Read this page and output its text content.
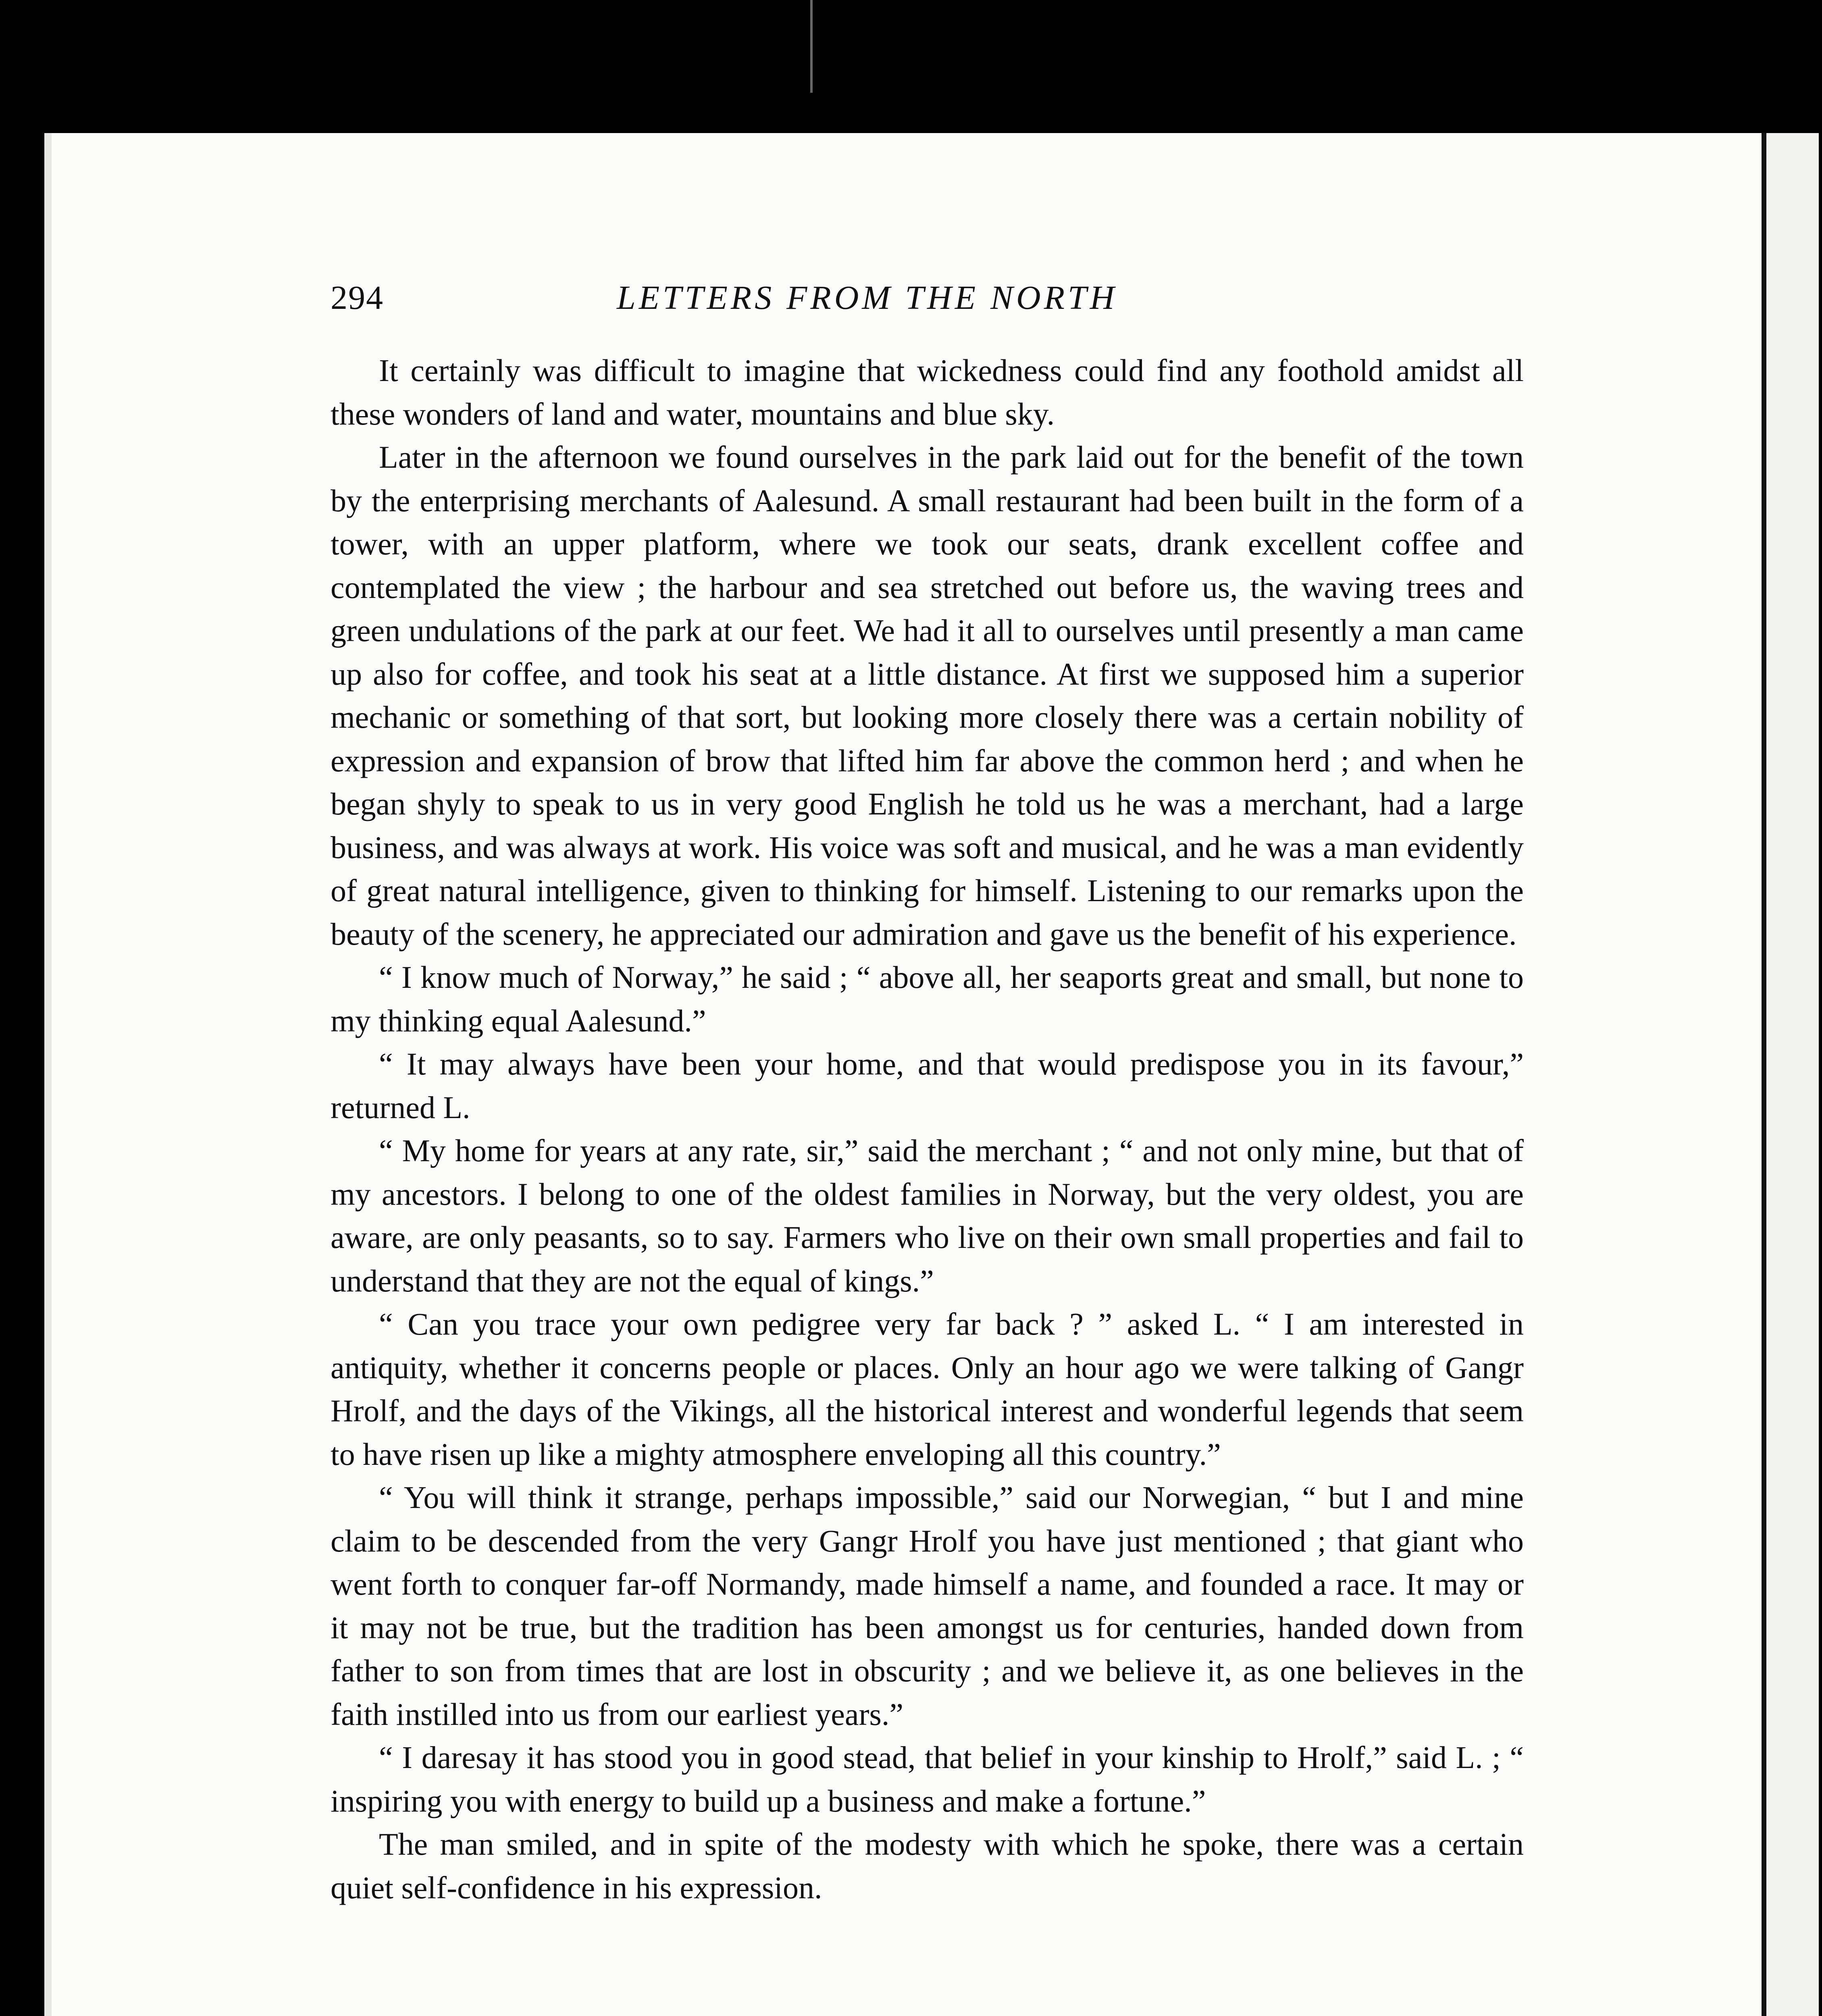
294	LETTERS FROM THE NORTH

It certainly was difficult to imagine that wickedness could find any foothold amidst all these wonders of land and water, mountains and blue sky.

Later in the afternoon we found ourselves in the park laid out for the benefit of the town by the enterprising merchants of Aalesund. A small restaurant had been built in the form of a tower, with an upper platform, where we took our seats, drank excellent coffee and contemplated the view ; the harbour and sea stretched out before us, the waving trees and green undulations of the park at our feet. We had it all to ourselves until presently a man came up also for coffee, and took his seat at a little distance. At first we supposed him a superior mechanic or something of that sort, but looking more closely there was a certain nobility of expression and expansion of brow that lifted him far above the common herd ; and when he began shyly to speak to us in very good English he told us he was a merchant, had a large business, and was always at work. His voice was soft and musical, and he was a man evidently of great natural intelligence, given to thinking for himself. Listening to our remarks upon the beauty of the scenery, he appreciated our admiration and gave us the benefit of his experience.

“ I know much of Norway,” he said ; “ above all, her seaports great and small, but none to my thinking equal Aalesund.”

“ It may always have been your home, and that would predispose you in its favour,” returned L.

“ My home for years at any rate, sir,” said the merchant ; “ and not only mine, but that of my ancestors. I belong to one of the oldest families in Norway, but the very oldest, you are aware, are only peasants, so to say. Farmers who live on their own small properties and fail to understand that they are not the equal of kings.”

“ Can you trace your own pedigree very far back ? ” asked L. “ I am interested in antiquity, whether it concerns people or places. Only an hour ago we were talking of Gangr Hrolf, and the days of the Vikings, all the historical interest and wonderful legends that seem to have risen up like a mighty atmosphere enveloping all this country.”

“ You will think it strange, perhaps impossible,” said our Norwegian, “ but I and mine claim to be descended from the very Gangr Hrolf you have just mentioned ; that giant who went forth to conquer far-off Normandy, made himself a name, and founded a race. It may or it may not be true, but the tradition has been amongst us for centuries, handed down from father to son from times that are lost in obscurity ; and we believe it, as one believes in the faith instilled into us from our earliest years.”

“ I daresay it has stood you in good stead, that belief in your kinship to Hrolf,” said L. ; “ inspiring you with energy to build up a business and make a fortune.”

The man smiled, and in spite of the modesty with which he spoke, there was a certain quiet self-confidence in his expression.
